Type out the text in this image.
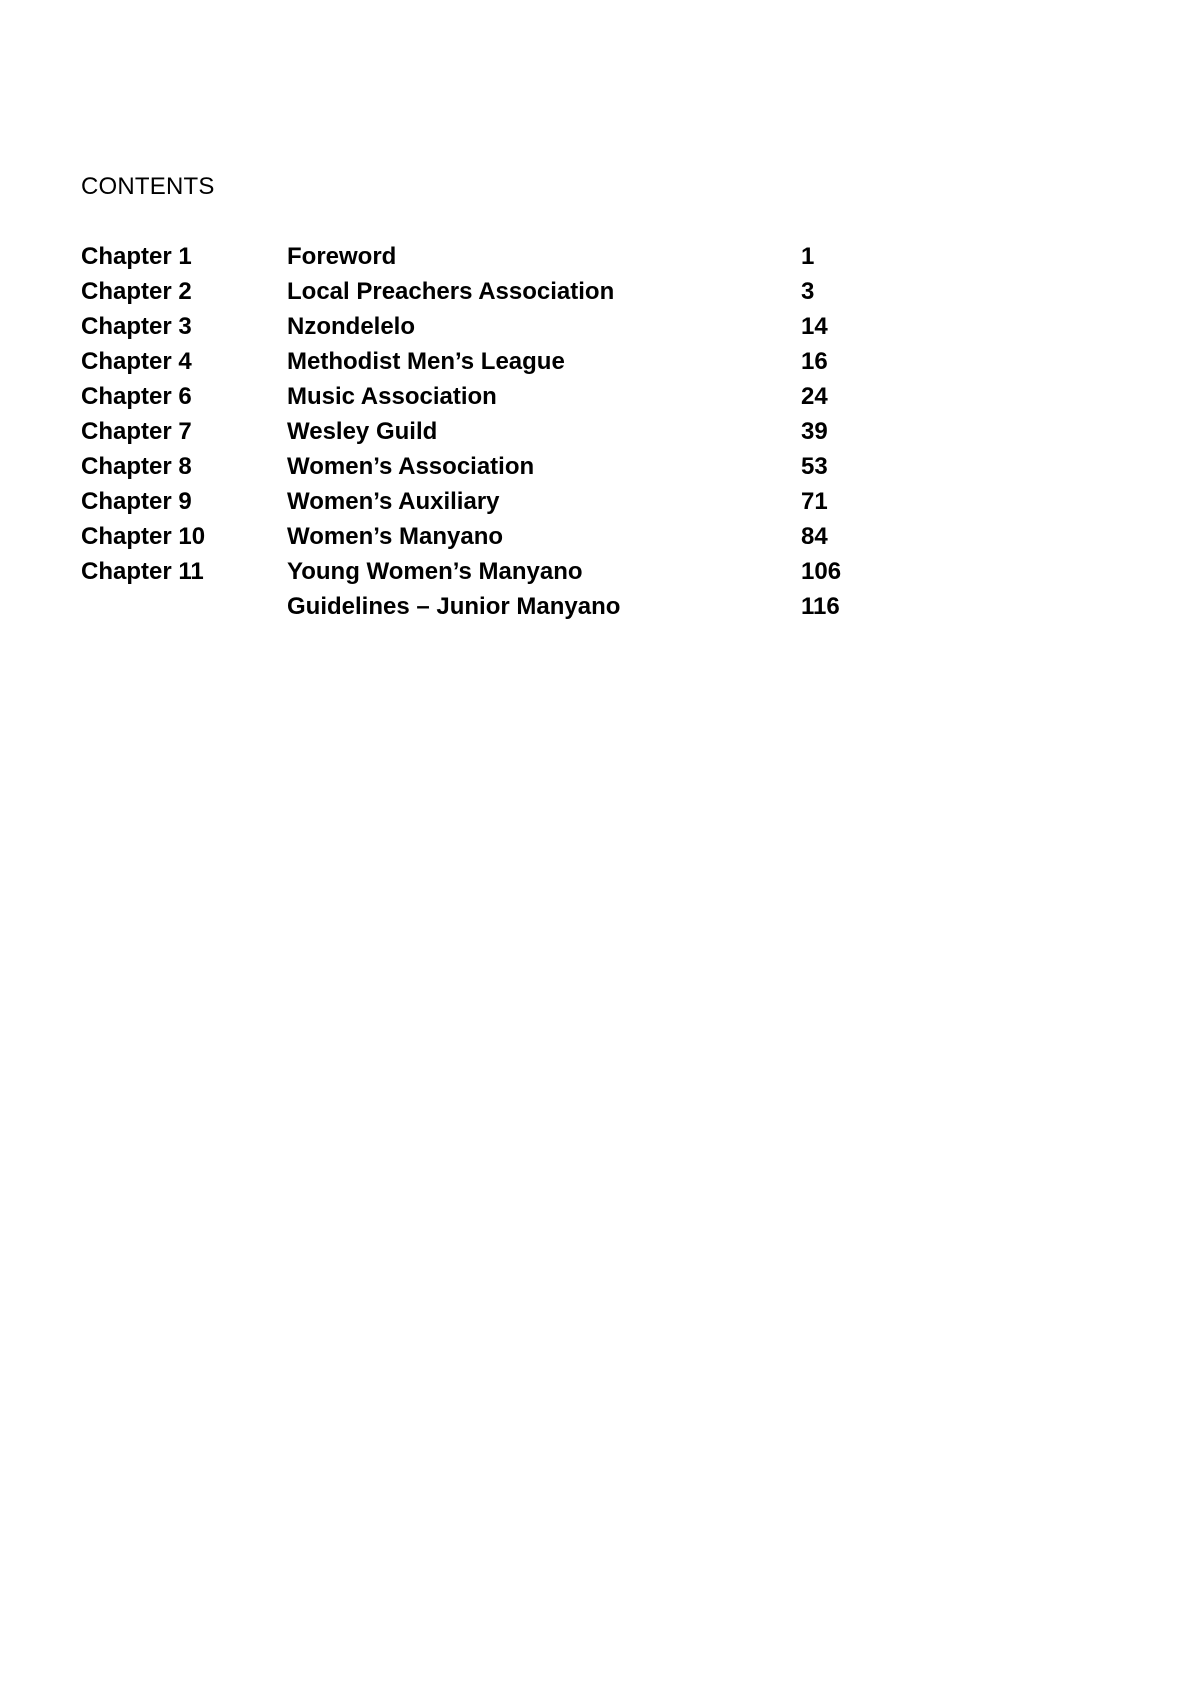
CONTENTS
Chapter 1	Foreword	1
Chapter 2	Local Preachers Association	3
Chapter 3	Nzondelelo	14
Chapter 4	Methodist Men’s League	16
Chapter 6	Music Association	24
Chapter 7	Wesley Guild	39
Chapter 8	Women’s Association	53
Chapter 9	Women’s Auxiliary	71
Chapter 10	Women’s Manyano	84
Chapter 11	Young Women’s Manyano	106
Guidelines – Junior Manyano	116
